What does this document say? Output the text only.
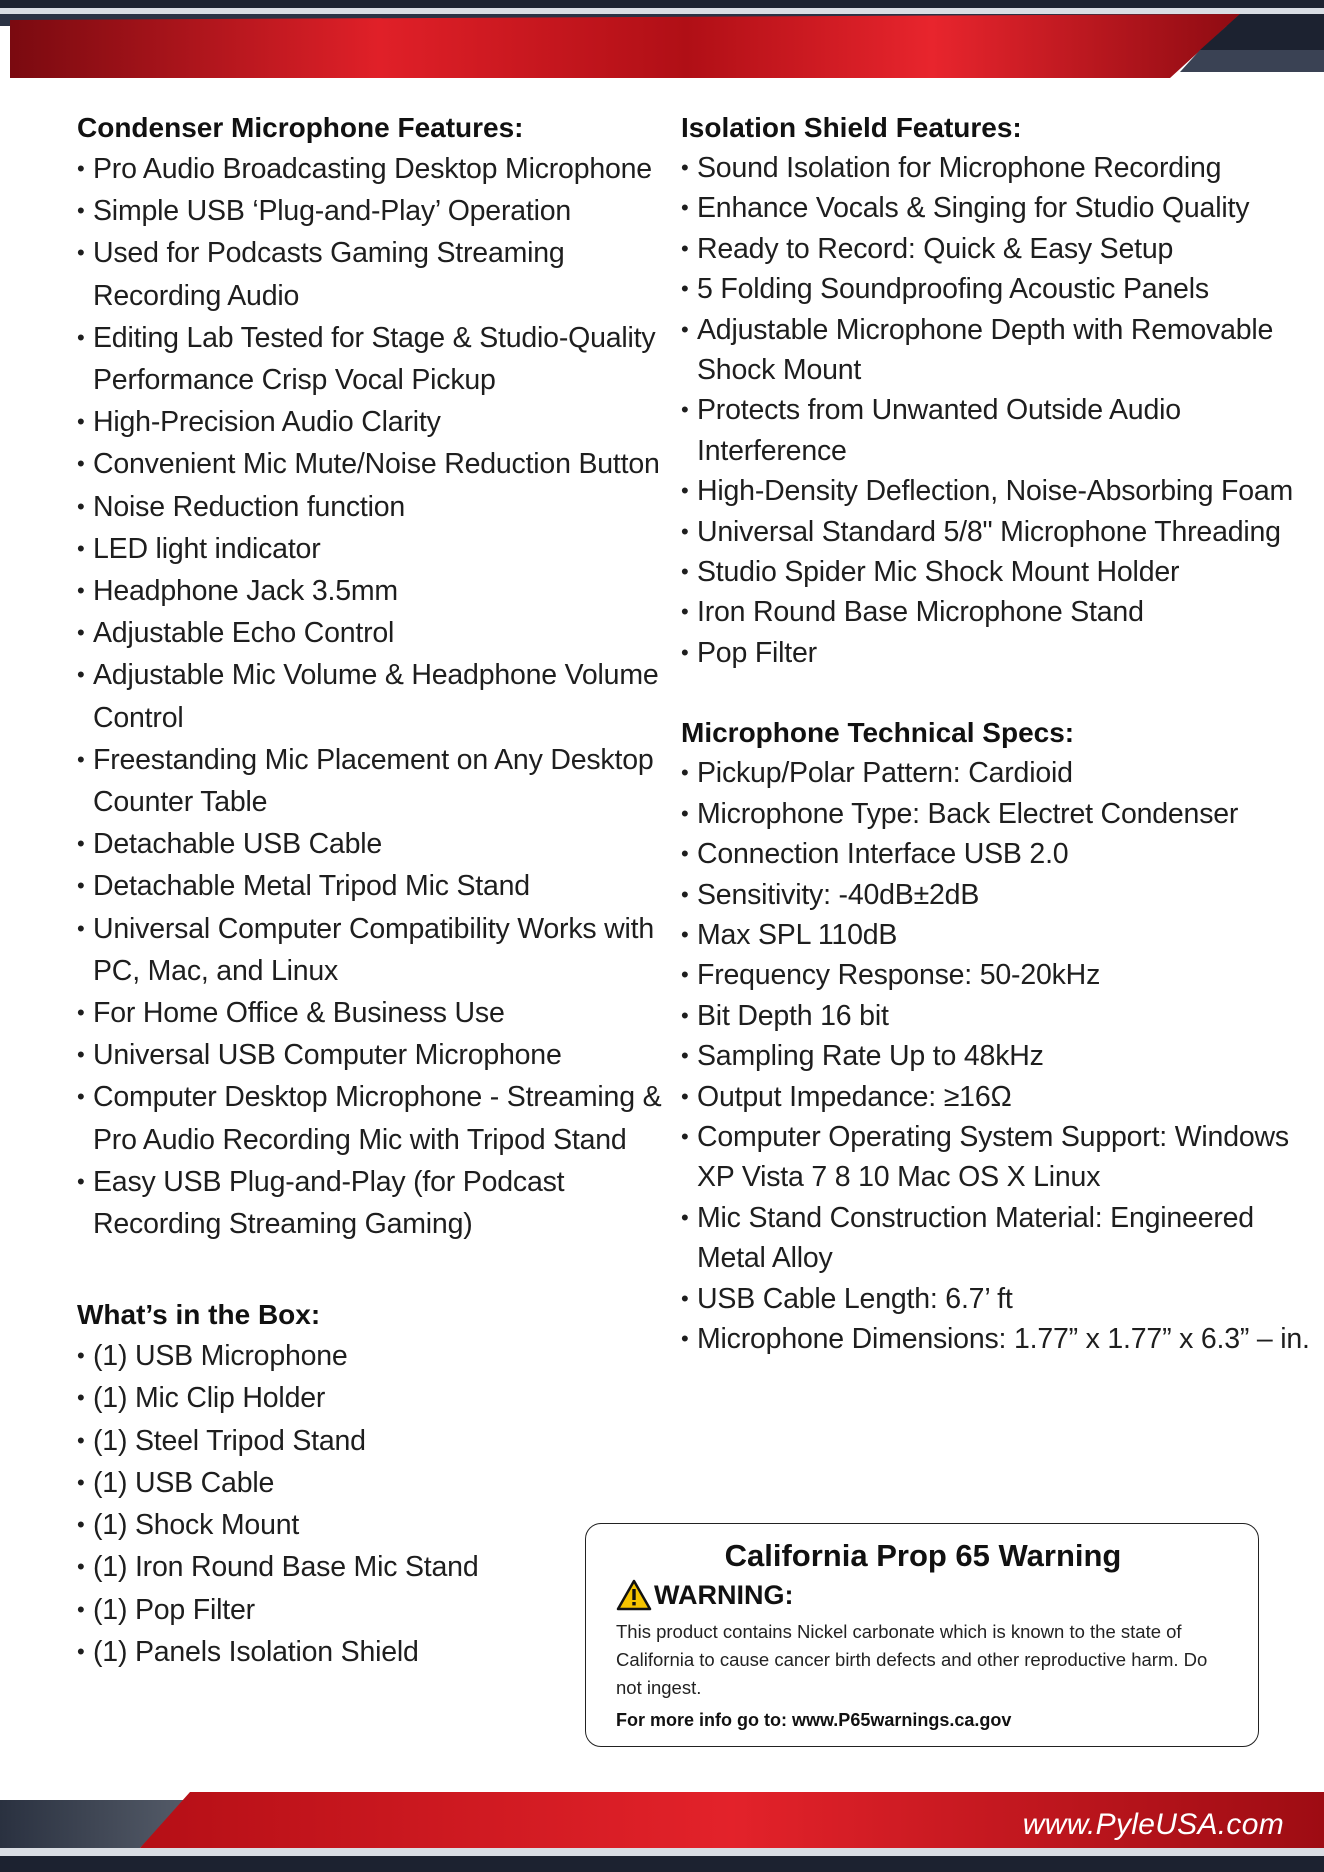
Condenser Microphone Features:
• Pro Audio Broadcasting Desktop Microphone
• Simple USB ‘Plug-and-Play’ Operation
• Used for Podcasts Gaming Streaming Recording Audio
• Editing Lab Tested for Stage & Studio-Quality Performance Crisp Vocal Pickup
• High-Precision Audio Clarity
• Convenient Mic Mute/Noise Reduction Button
• Noise Reduction function
• LED light indicator
• Headphone Jack 3.5mm
• Adjustable Echo Control
• Adjustable Mic Volume & Headphone Volume Control
• Freestanding Mic Placement on Any Desktop Counter Table
• Detachable USB Cable
• Detachable Metal Tripod Mic Stand
• Universal Computer Compatibility Works with PC, Mac, and Linux
• For Home Office & Business Use
• Universal USB Computer Microphone
• Computer Desktop Microphone - Streaming & Pro Audio Recording Mic with Tripod Stand
• Easy USB Plug-and-Play (for Podcast Recording Streaming Gaming)
What’s in the Box:
• (1) USB Microphone
• (1) Mic Clip Holder
• (1) Steel Tripod Stand
• (1) USB Cable
• (1) Shock Mount
• (1) Iron Round Base Mic Stand
• (1) Pop Filter
• (1) Panels Isolation Shield
Isolation Shield Features:
• Sound Isolation for Microphone Recording
• Enhance Vocals & Singing for Studio Quality
• Ready to Record: Quick & Easy Setup
• 5 Folding Soundproofing Acoustic Panels
• Adjustable Microphone Depth with Removable Shock Mount
• Protects from Unwanted Outside Audio Interference
• High-Density Deflection, Noise-Absorbing Foam
• Universal Standard 5/8" Microphone Threading
• Studio Spider Mic Shock Mount Holder
• Iron Round Base Microphone Stand
• Pop Filter
Microphone Technical Specs:
• Pickup/Polar Pattern: Cardioid
• Microphone Type: Back Electret Condenser
• Connection Interface USB 2.0
• Sensitivity: -40dB±2dB
• Max SPL 110dB
• Frequency Response: 50-20kHz
• Bit Depth 16 bit
• Sampling Rate Up to 48kHz
• Output Impedance: ≥16Ω
• Computer Operating System Support: Windows XP Vista 7 8 10 Mac OS X Linux
• Mic Stand Construction Material: Engineered Metal Alloy
• USB Cable Length: 6.7’ ft
• Microphone Dimensions: 1.77” x 1.77” x 6.3” – in.
California Prop 65 Warning
WARNING:
This product contains Nickel carbonate which is known to the state of California to cause cancer birth defects and other reproductive harm. Do not ingest.
For more info go to: www.P65warnings.ca.gov
www.PyleUSA.com
